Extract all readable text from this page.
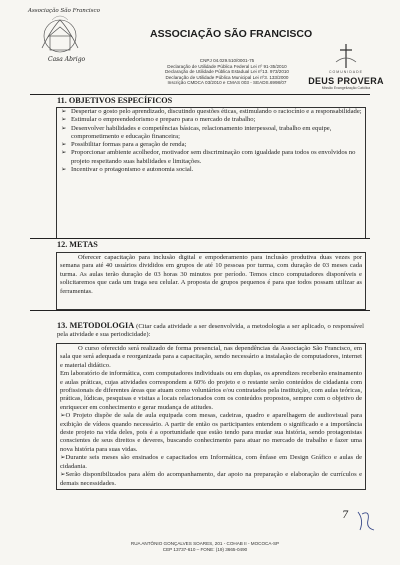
Associação São Francisco
Casa Abrigo
ASSOCIAÇÃO SÃO FRANCISCO
CNPJ 04.029.510/0001-75
Declaração de Utilidade Pública Federal Lei nº 91-35/2010
Declaração de Utilidade Pública Estadual Lei nº13. 973/2010
Declaração de Utilidade Pública Municipal Lei nº3. 133/2000
Inscrição CMDCA 03/2010 e CMAS 003 - SEADS.6998/07
COMUNIDADE
DEUS PROVERA
Missão Evangelização Católica
11. OBJETIVOS ESPECÍFICOS
➢ Despertar o gosto pelo aprendizado, discutindo questões éticas, estimulando o raciocínio e a responsabilidade;
➢ Estimular o empreendedorismo e preparo para o mercado de trabalho;
➢ Desenvolver habilidades e competências básicas, relacionamento interpessoal, trabalho em equipe, comprometimento e educação financeira;
➢ Possibilitar formas para a geração de renda;
➢ Proporcionar ambiente acolhedor, motivador sem discriminação com igualdade para todos os envolvidos no projeto respeitando suas habilidades e limitações.
➢ Incentivar o protagonismo e autonomia social.
12. METAS
Oferecer capacitação para inclusão digital e empoderamento para inclusão produtiva duas vezes por semana para até 40 usuários divididos em grupos de até 10 pessoas por turma, com duração de 03 meses cada turma. As aulas terão duração de 03 horas 30 minutos por período. Temos cinco computadores disponíveis e solicitaremos que cada um traga seu celular. A proposta de grupos pequenos é para que todos possam utilizar as ferramentas.
13. METODOLOGIA (Citar cada atividade a ser desenvolvida, a metodologia a ser aplicado, o responsável pela atividade e sua periodicidade):
O curso oferecido será realizado de forma presencial, nas dependências da Associação São Francisco, em sala que será adequada e reorganizada para a capacitação, sendo necessário a instalação de computadores, internet e material didático.
Em laboratório de informática, com computadores individuais ou em duplas, os aprendizes receberão ensinamento e aulas práticas, cujas atividades correspondem a 60% do projeto e o restante serão conteúdos de cidadania com profissionais de diferentes áreas que atuam como voluntários e/ou contratados pela instituição, com aulas teóricas, práticas, lúdicas, pesquisas e visitas a locais relacionados com os conteúdos propostos, sempre com o objetivo de enriquecer em conhecimento e gerar mudança de atitudes.
➢O Projeto dispõe de sala de aula equipada com mesas, cadeiras, quadro e aparelhagem de audiovisual para exibição de vídeos quando necessário. A partir de então os participantes entendem o significado e a importância deste projeto na vida deles, pois é a oportunidade que estão tendo para mudar sua história, sendo protagonistas conscientes de seus direitos e deveres, buscando conhecimento para atuar no mercado de trabalho e fazer uma nova história para suas vidas.
➢Durante seis meses são ensinados e capacitados em Informática, com ênfase em Design Gráfico e aulas de cidadania.
➢Serão disponibilizados para além do acompanhamento, dar apoio na preparação e elaboração de currículos e demais necessidades.
7
RUA ANTÔNIO GONÇALVES SOARES, 201 - COHAB II - MOCOCA-SP
CEP 13737-610 – FONE: (19) 3665-0490
